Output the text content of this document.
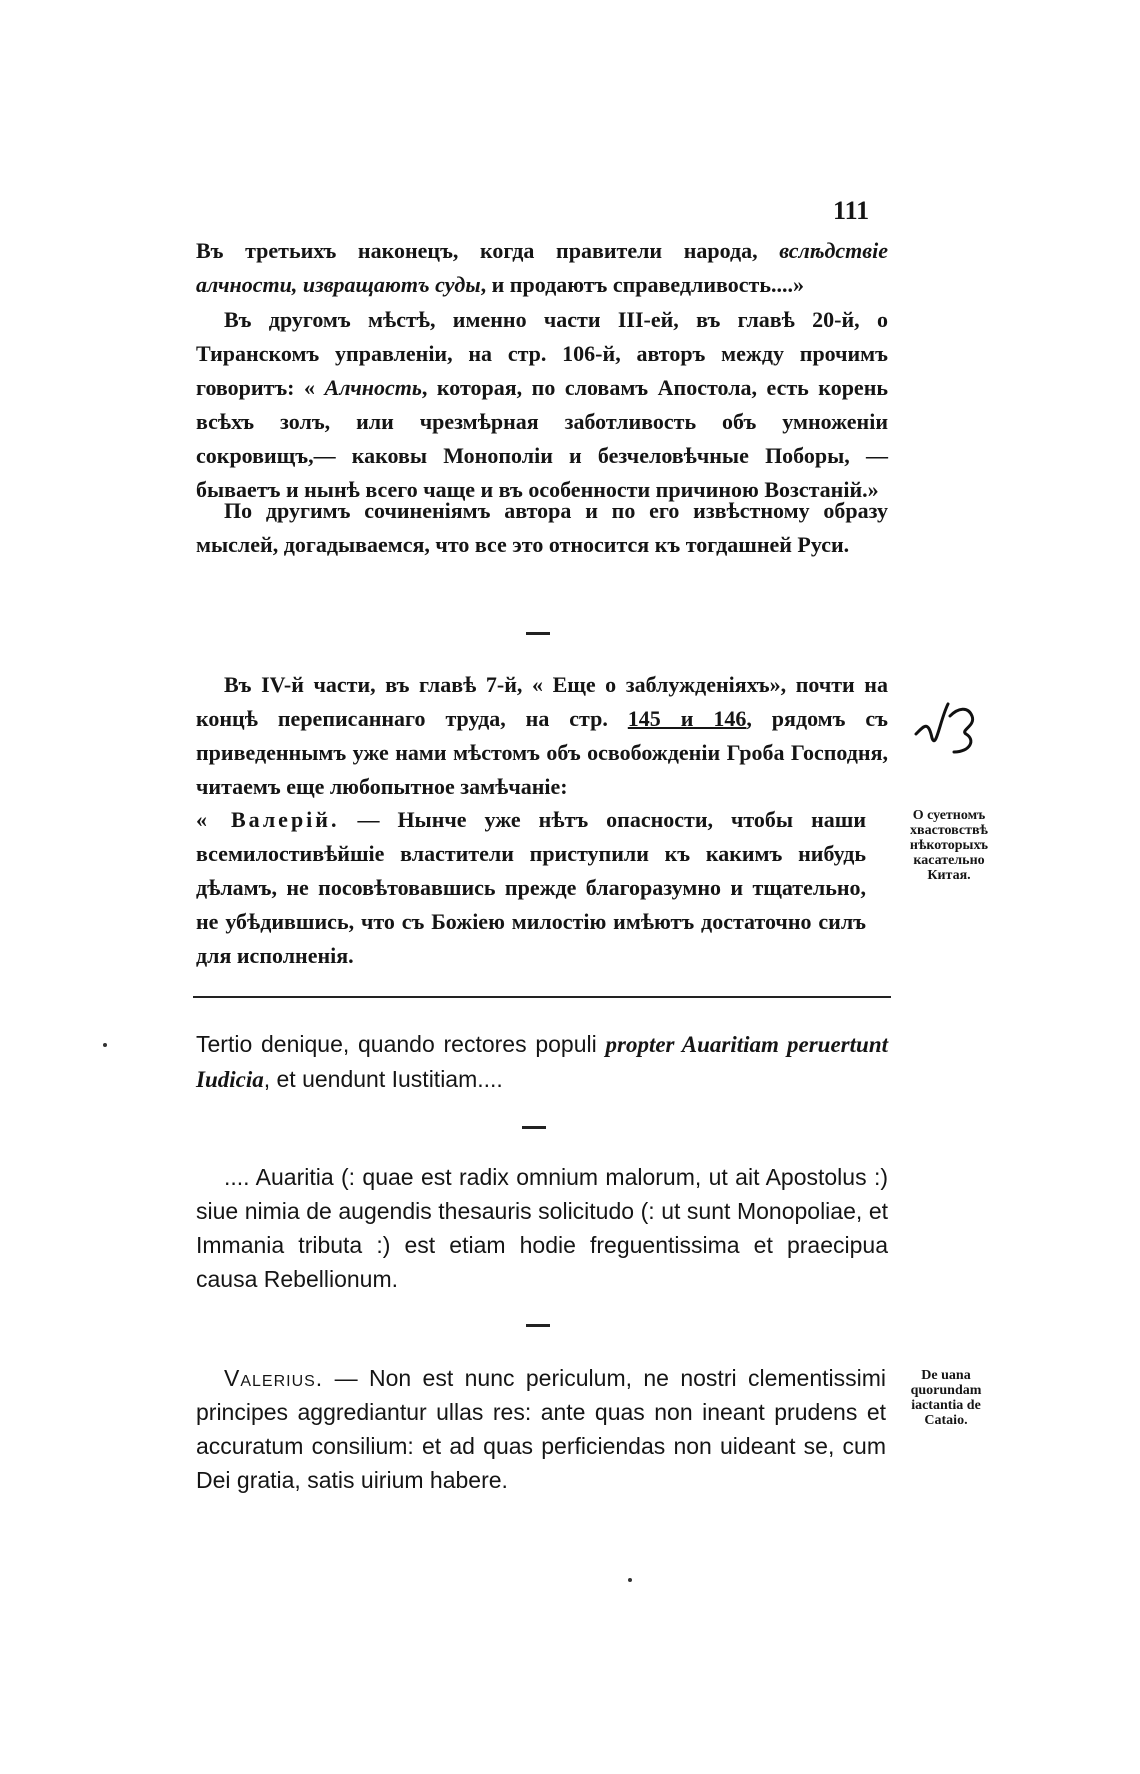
111

Въ третьихъ наконецъ, когда правители народа, вслѣдствіе алчности, извращаютъ суды, и продаютъ справедливость....»

Въ другомъ мѣстѣ, именно части III-ей, въ главѣ 20-й, о Тиранскомъ управленіи, на стр. 106-й, авторъ между прочимъ говоритъ: « Алчность, которая, по словамъ Апостола, есть корень всѣхъ золъ, или чрезмѣрная заботливость объ умноженіи сокровищъ,— каковы Монополіи и безчеловѣчные Поборы, — бываетъ и нынѣ всего чаще и въ особенности причиною Возстаній.»

По другимъ сочиненіямъ автора и по его извѣстному образу мыслей, догадываемся, что все это относится къ тогдашней Руси.

Въ IV-й части, въ главѣ 7-й, « Еще о заблужденіяхъ», почти на концѣ переписаннаго труда, на стр. 145 и 146, рядомъ съ приведеннымъ уже нами мѣстомъ объ освобожденіи Гроба Господня, читаемъ еще любопытное замѣчаніе:

« Валерій. — Нынче уже нѣтъ опасности, чтобы наши всемилостивѣйшіе властители приступили къ какимъ нибудь дѣламъ, не посовѣтовавшись прежде благоразумно и тщательно, не убѣдившись, что съ Божіею милостію имѣютъ достаточно силъ для исполненія.

О суетномъ хвастовствѣ нѣкоторыхъ касательно Китая.

Tertio denique, quando rectores populi propter Auaritiam peruertunt Iudicia, et uendunt Iustitiam....

.... Auaritia (: quae est radix omnium malorum, ut ait Apostolus :) siue nimia de augendis thesauris solicitudo (: ut sunt Monopoliae, et Immania tributa :) est etiam hodie freguentissima et praecipua causa Rebellionum.

Valerius. — Non est nunc periculum, ne nostri clementissimi principes aggrediantur ullas res: ante quas non ineant prudens et accuratum consilium: et ad quas perficiendas non uideant se, cum Dei gratia, satis uirium habere.

De uana quorundam iactantia de Cataio.
